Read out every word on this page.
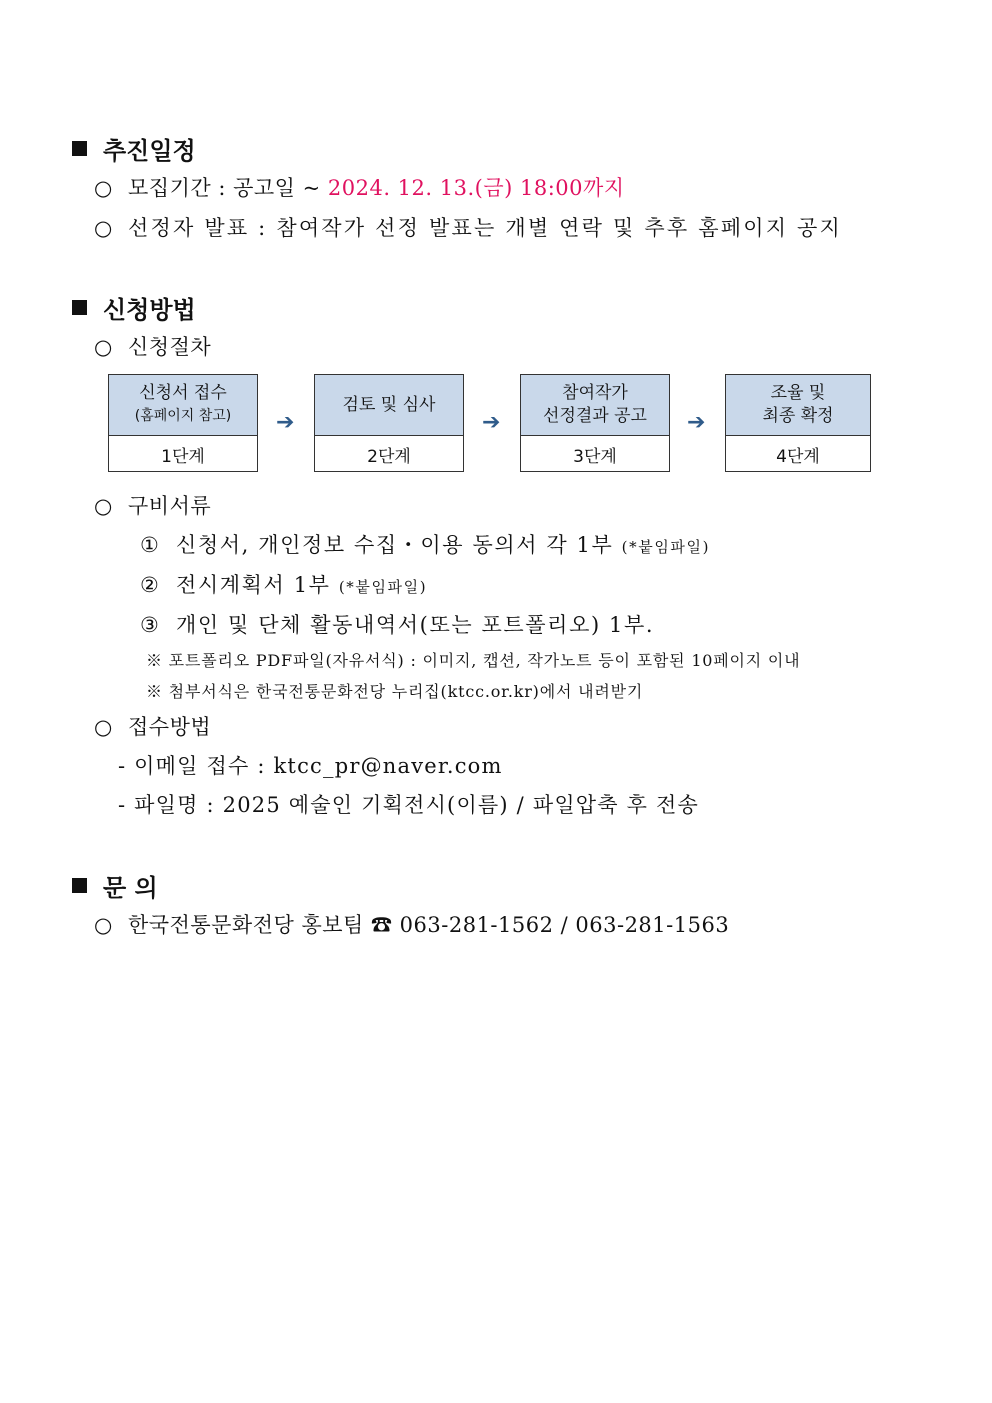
추진일정
○ 모집기간 : 공고일 ~ 2024. 12. 13.(금) 18:00까지
○ 선정자 발표 : 참여작가 선정 발표는 개별 연락 및 추후 홈페이지 공지
신청방법
○ 신청절차
신청서 접수
(홈페이지 참고)
1단계
➔
검토 및 심사
2단계
➔
참여작가
선정결과 공고
3단계
➔
조율 및
최종 확정
4단계
○ 구비서류
① 신청서, 개인정보 수집・이용 동의서 각 1부 (*붙임파일)
② 전시계획서 1부 (*붙임파일)
③ 개인 및 단체 활동내역서(또는 포트폴리오) 1부.
※ 포트폴리오 PDF파일(자유서식) : 이미지, 캡션, 작가노트 등이 포함된 10페이지 이내
※ 첨부서식은 한국전통문화전당 누리집(ktcc.or.kr)에서 내려받기
○ 접수방법
- 이메일 접수 : ktcc_pr@naver.com
- 파일명 : 2025 예술인 기획전시(이름) / 파일압축 후 전송
문 의
○ 한국전통문화전당 홍보팀 ☎ 063-281-1562 / 063-281-1563
